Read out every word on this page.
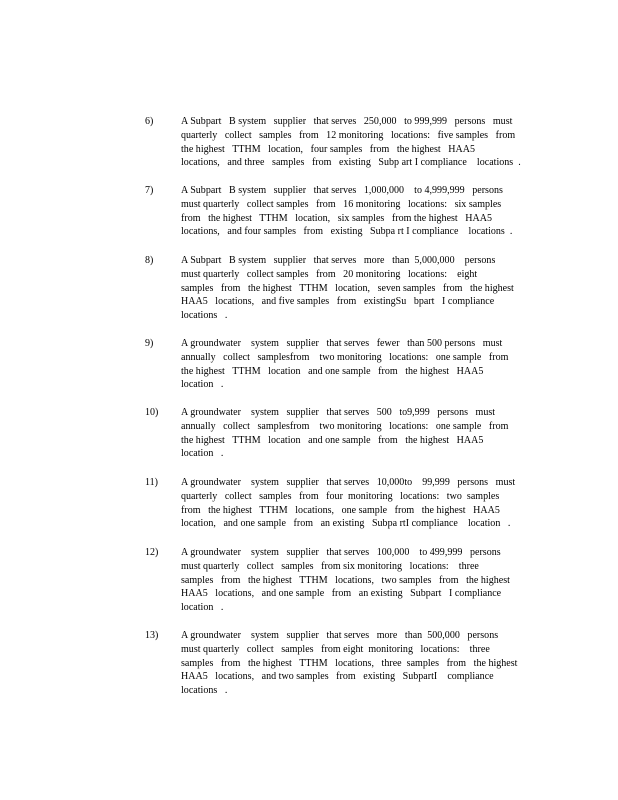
6)	A Subpart   B system   supplier   that serves   250,000   to 999,999   persons   must
quarterly   collect   samples   from   12 monitoring   locations:   five samples   from
the highest   TTHM   location,   four samples   from   the highest   HAA5
locations,   and three   samples   from   existing   Subp art I compliance    locations  .
7)	A Subpart   B system   supplier   that serves   1,000,000    to 4,999,999   persons
must quarterly   collect samples   from   16 monitoring   locations:   six samples
from   the highest   TTHM   location,   six samples   from the highest   HAA5
locations,   and four samples   from   existing   Subpa rt I compliance    locations  .
8)	A Subpart   B system   supplier   that serves   more   than  5,000,000    persons
must quarterly   collect samples   from   20 monitoring   locations:    eight
samples   from   the highest   TTHM   location,   seven samples   from   the highest
HAA5   locations,   and five samples   from   existingSu   bpart   I compliance
locations   .
9)	A groundwater    system   supplier   that serves   fewer   than 500 persons   must
annually   collect   samplesfrom    two monitoring   locations:   one sample   from
the highest   TTHM   location   and one sample   from   the highest   HAA5
location   .
10) A groundwater    system   supplier   that serves   500   to9,999   persons   must
annually   collect   samplesfrom    two monitoring   locations:   one sample   from
the highest   TTHM   location   and one sample   from   the highest   HAA5
location   .
11) A groundwater    system   supplier   that serves   10,000to    99,999   persons   must
quarterly   collect   samples   from   four  monitoring   locations:   two  samples
from   the highest   TTHM   locations,   one sample   from   the highest   HAA5
location,   and one sample   from   an existing   Subpa rtI compliance    location   .
12) A groundwater    system   supplier   that serves   100,000    to 499,999   persons
must quarterly   collect   samples   from six monitoring   locations:    three
samples   from   the highest   TTHM   locations,   two samples   from   the highest
HAA5   locations,   and one sample   from   an existing   Subpart   I compliance
location   .
13) A groundwater    system   supplier   that serves   more   than  500,000   persons
must quarterly   collect   samples   from eight  monitoring   locations:    three
samples   from   the highest   TTHM   locations,   three  samples   from   the highest
HAA5   locations,   and two samples   from   existing   SubpartI    compliance
locations   .
